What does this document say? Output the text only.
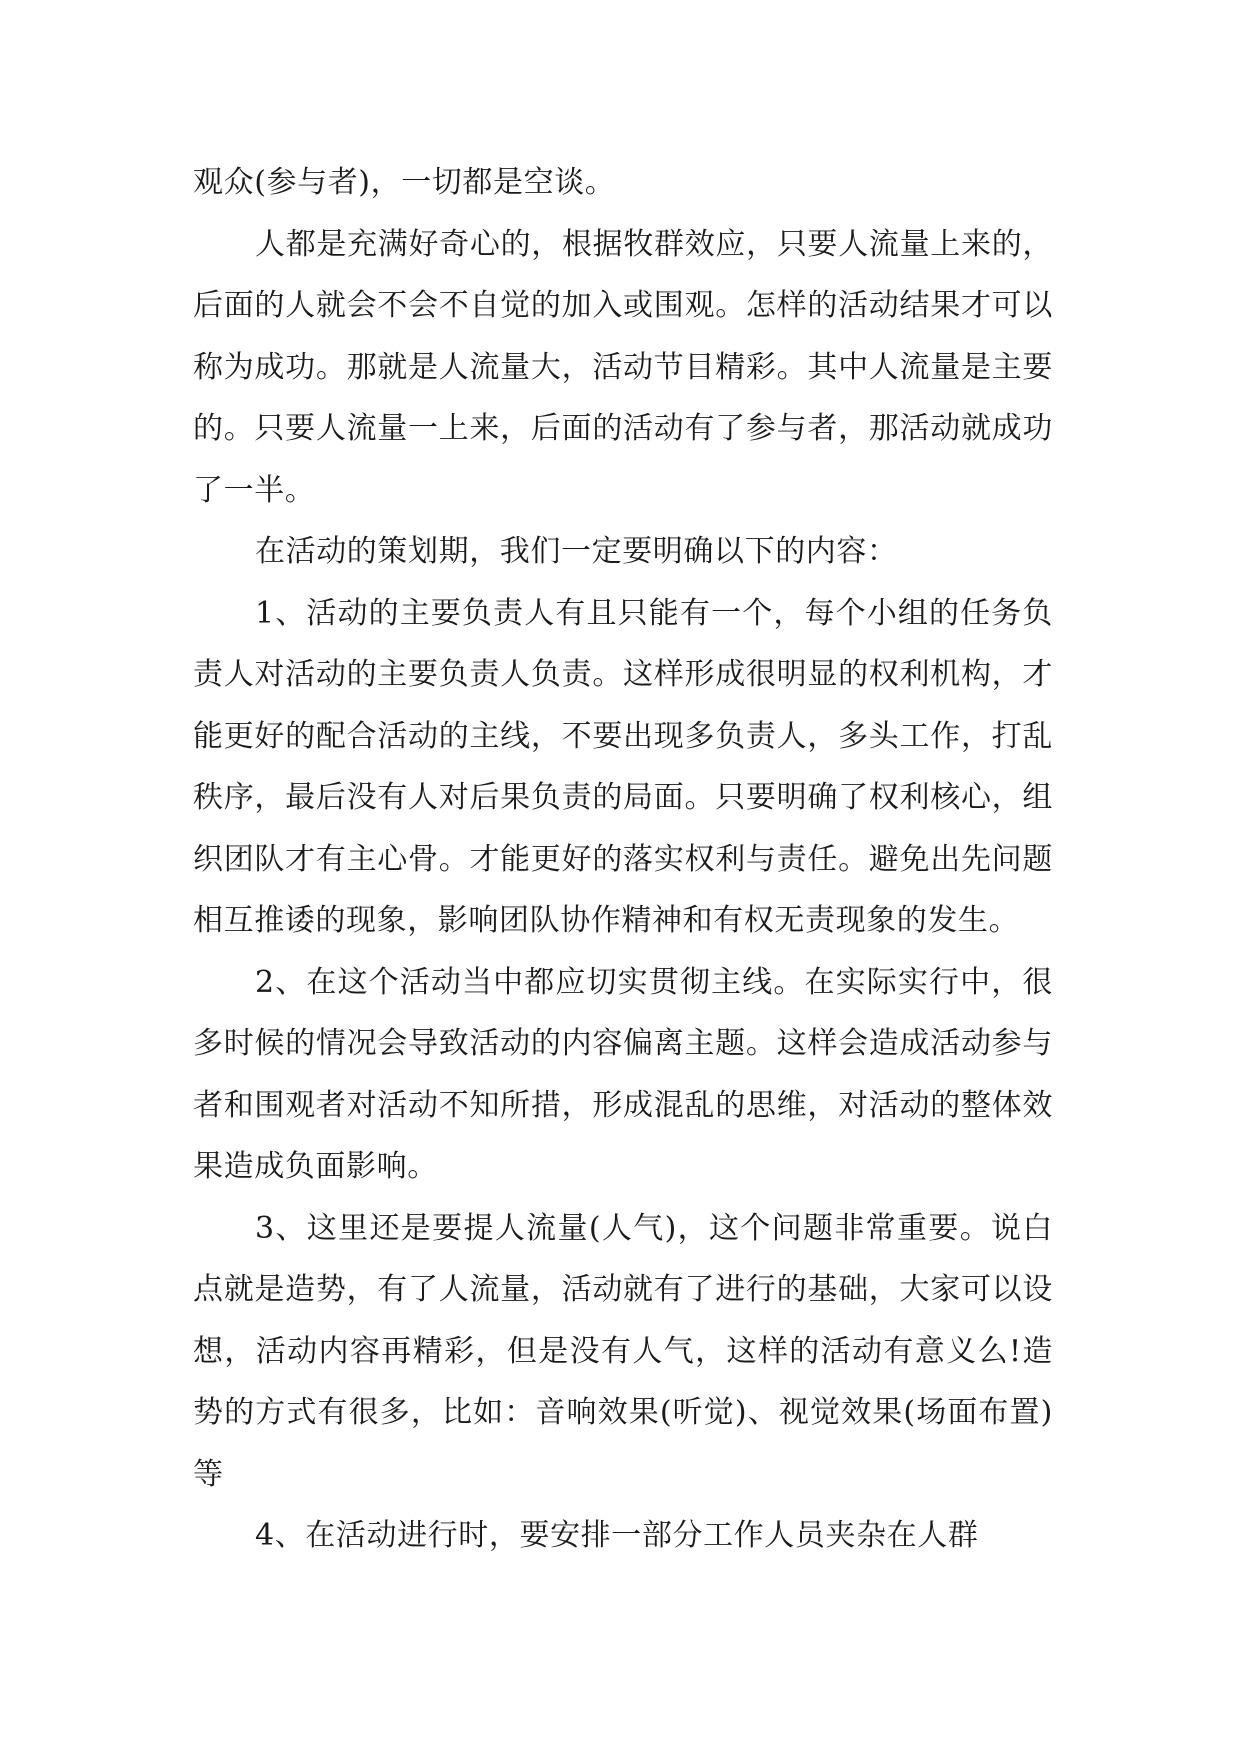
观众(参与者)，一切都是空谈。

人都是充满好奇心的，根据牧群效应，只要人流量上来的，后面的人就会不会不自觉的加入或围观。怎样的活动结果才可以称为成功。那就是人流量大，活动节目精彩。其中人流量是主要的。只要人流量一上来，后面的活动有了参与者，那活动就成功了一半。

在活动的策划期，我们一定要明确以下的内容：

1、活动的主要负责人有且只能有一个，每个小组的任务负责人对活动的主要负责人负责。这样形成很明显的权利机构，才能更好的配合活动的主线，不要出现多负责人，多头工作，打乱秩序，最后没有人对后果负责的局面。只要明确了权利核心，组织团队才有主心骨。才能更好的落实权利与责任。避免出先问题相互推诿的现象，影响团队协作精神和有权无责现象的发生。

2、在这个活动当中都应切实贯彻主线。在实际实行中，很多时候的情况会导致活动的内容偏离主题。这样会造成活动参与者和围观者对活动不知所措，形成混乱的思维，对活动的整体效果造成负面影响。

3、这里还是要提人流量(人气)，这个问题非常重要。说白点就是造势，有了人流量，活动就有了进行的基础，大家可以设想，活动内容再精彩，但是没有人气，这样的活动有意义么!造势的方式有很多，比如：音响效果(听觉)、视觉效果(场面布置)等

4、在活动进行时，要安排一部分工作人员夹杂在人群
